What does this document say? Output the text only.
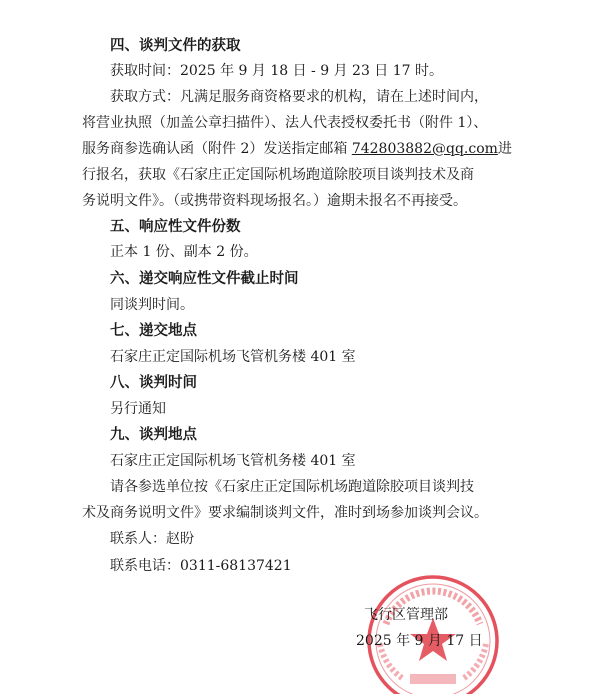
四、谈判文件的获取
获取时间：2025 年 9 月 18 日 - 9 月 23 日 17 时。
获取方式：凡满足服务商资格要求的机构，请在上述时间内，
将营业执照（加盖公章扫描件）、法人代表授权委托书（附件 1）、
服务商参选确认函（附件 2）发送指定邮箱 742803882@qq.com进
行报名，获取《石家庄正定国际机场跑道除胶项目谈判技术及商
务说明文件》。（或携带资料现场报名。）逾期未报名不再接受。
五、响应性文件份数
正本 1 份、副本 2 份。
六、递交响应性文件截止时间
同谈判时间。
七、递交地点
石家庄正定国际机场飞管机务楼 401 室
八、谈判时间
另行通知
九、谈判地点
石家庄正定国际机场飞管机务楼 401 室
请各参选单位按《石家庄正定国际机场跑道除胶项目谈判技
术及商务说明文件》要求编制谈判文件，准时到场参加谈判会议。
联系人：赵盼
联系电话：0311-68137421
飞行区管理部
2025 年 9 月 17 日
